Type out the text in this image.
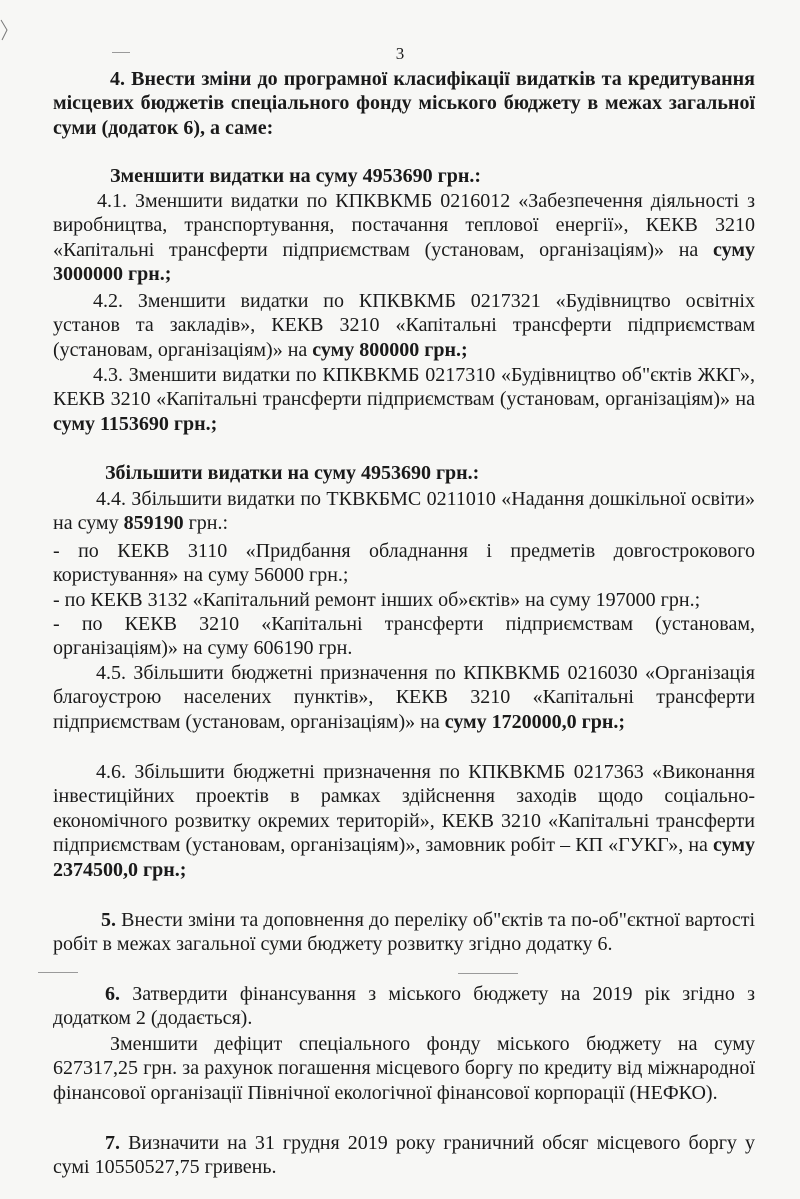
3

4. Внести зміни до програмної класифікації видатків та кредитування місцевих бюджетів спеціального фонду міського бюджету в межах загальної суми (додаток 6), а саме:

Зменшити видатки на суму 4953690 грн.:

4.1. Зменшити видатки по КПКВКМБ 0216012 «Забезпечення діяльності з виробництва, транспортування, постачання теплової енергії», КЕКВ 3210 «Капітальні трансферти підприємствам (установам, організаціям)» на суму 3000000 грн.;

4.2. Зменшити видатки по КПКВКМБ 0217321 «Будівництво освітніх установ та закладів», КЕКВ 3210 «Капітальні трансферти підприємствам (установам, організаціям)» на суму 800000 грн.;

4.3. Зменшити видатки по КПКВКМБ 0217310 «Будівництво об"єктів ЖКГ», КЕКВ 3210 «Капітальні трансферти підприємствам (установам, організаціям)» на суму 1153690 грн.;

Збільшити видатки на суму 4953690 грн.:

4.4. Збільшити видатки по ТКВКБМС 0211010 «Надання дошкільної освіти» на суму 859190 грн.:

- по КЕКВ 3110 «Придбання обладнання і предметів довгострокового користування» на суму 56000 грн.;

- по КЕКВ 3132 «Капітальний ремонт інших об»єктів» на суму 197000 грн.;

- по КЕКВ 3210 «Капітальні трансферти підприємствам (установам, організаціям)» на суму 606190 грн.

4.5. Збільшити бюджетні призначення по КПКВКМБ 0216030 «Організація благоустрою населених пунктів», КЕКВ 3210 «Капітальні трансферти підприємствам (установам, організаціям)» на суму 1720000,0 грн.;

4.6. Збільшити бюджетні призначення по КПКВКМБ 0217363 «Виконання інвестиційних проектів в рамках здійснення заходів щодо соціально-економічного розвитку окремих територій», КЕКВ 3210 «Капітальні трансферти підприємствам (установам, організаціям)», замовник робіт – КП «ГУКГ», на суму 2374500,0 грн.;

5. Внести зміни та доповнення до переліку об"єктів та по-об"єктної вартості робіт в межах загальної суми бюджету розвитку згідно додатку 6.

6. Затвердити фінансування з міського бюджету на 2019 рік згідно з додатком 2 (додається).

Зменшити дефіцит спеціального фонду міського бюджету на суму 627317,25 грн. за рахунок погашення місцевого боргу по кредиту від міжнародної фінансової організації Північної екологічної фінансової корпорації (НЕФКО).

7. Визначити на 31 грудня 2019 року граничний обсяг місцевого боргу у сумі 10550527,75 гривень.
